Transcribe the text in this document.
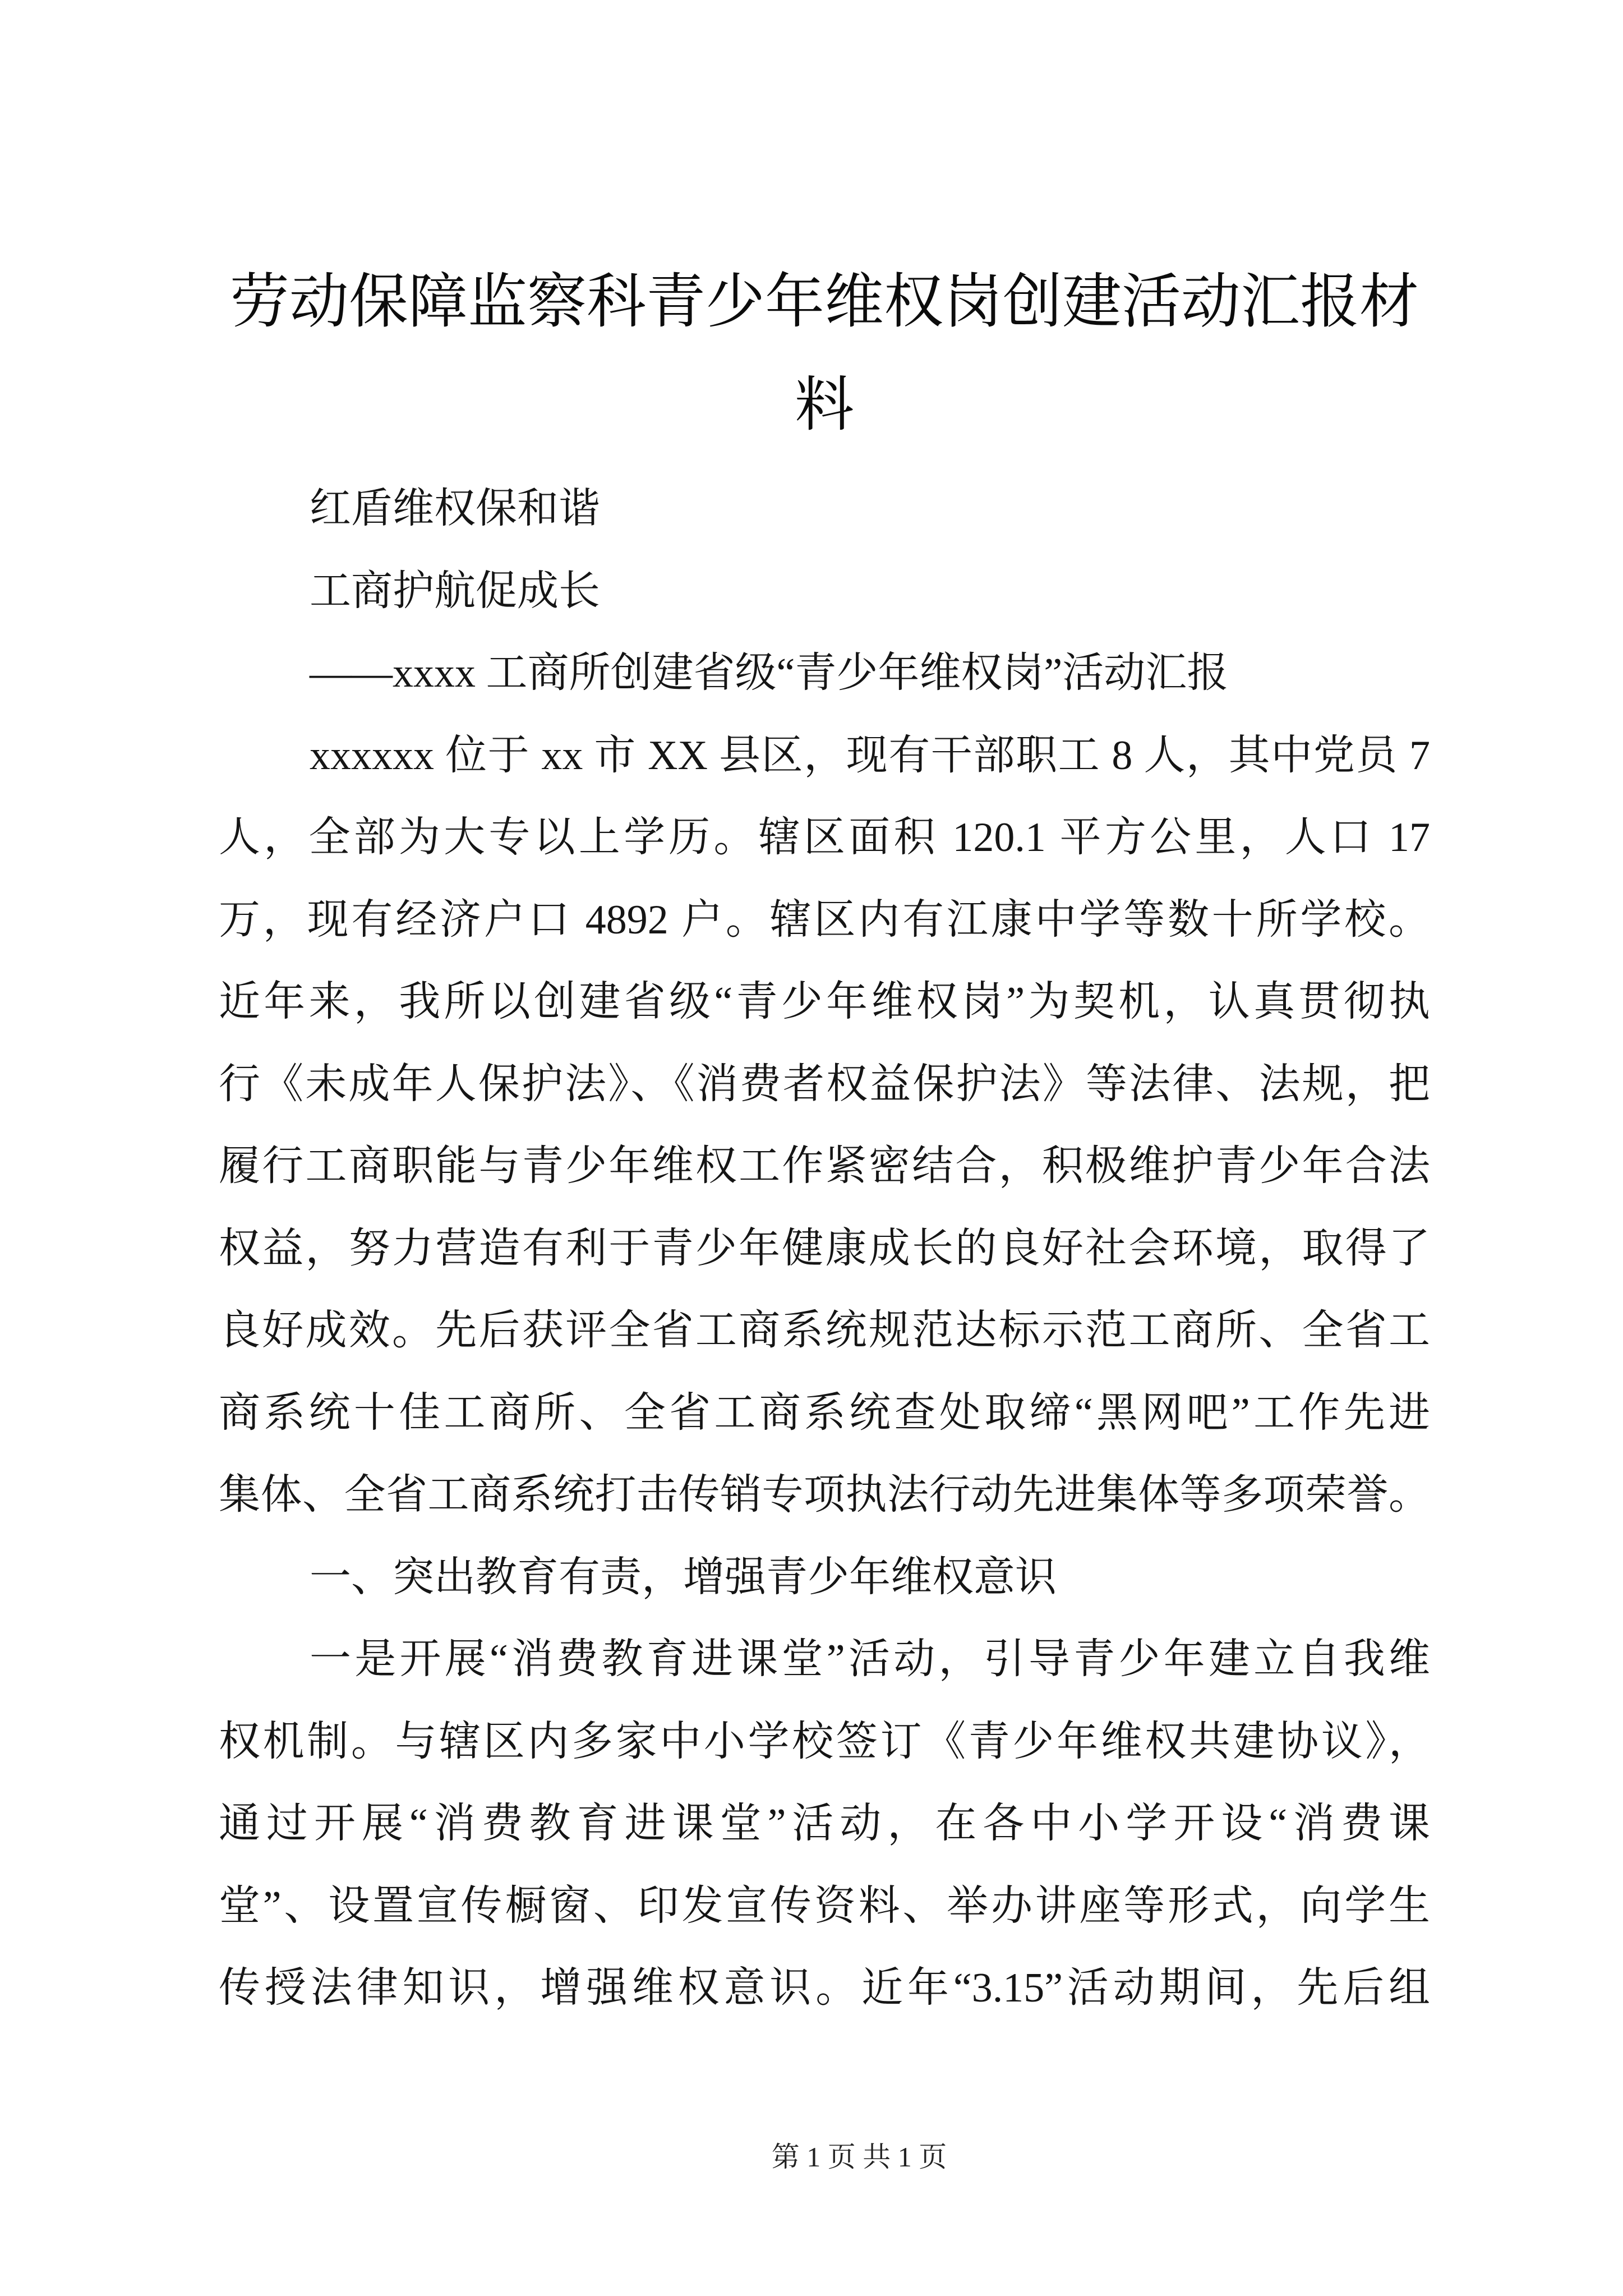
劳动保障监察科青少年维权岗创建活动汇报材
料
红盾维权保和谐
工商护航促成长
——xxxx 工商所创建省级“青少年维权岗”活动汇报
xxxxxx 位于 xx 市 XX 县区，现有干部职工 8 人，其中党员 7
人，全部为大专以上学历。辖区面积 120.1 平方公里，人口 17
万，现有经济户口 4892 户。辖区内有江康中学等数十所学校。
近年来，我所以创建省级“青少年维权岗”为契机，认真贯彻执
行《未成年人保护法》、《消费者权益保护法》等法律、法规，把
履行工商职能与青少年维权工作紧密结合，积极维护青少年合法
权益，努力营造有利于青少年健康成长的良好社会环境，取得了
良好成效。先后获评全省工商系统规范达标示范工商所、全省工
商系统十佳工商所、全省工商系统查处取缔“黑网吧”工作先进
集体、全省工商系统打击传销专项执法行动先进集体等多项荣誉。
一、突出教育有责，增强青少年维权意识
一是开展“消费教育进课堂”活动，引导青少年建立自我维
权机制。与辖区内多家中小学校签订《青少年维权共建协议》，
通过开展“消费教育进课堂”活动，在各中小学开设“消费课
堂”、设置宣传橱窗、印发宣传资料、举办讲座等形式，向学生
传授法律知识，增强维权意识。近年“3.15”活动期间，先后组
第 1 页 共 1 页
